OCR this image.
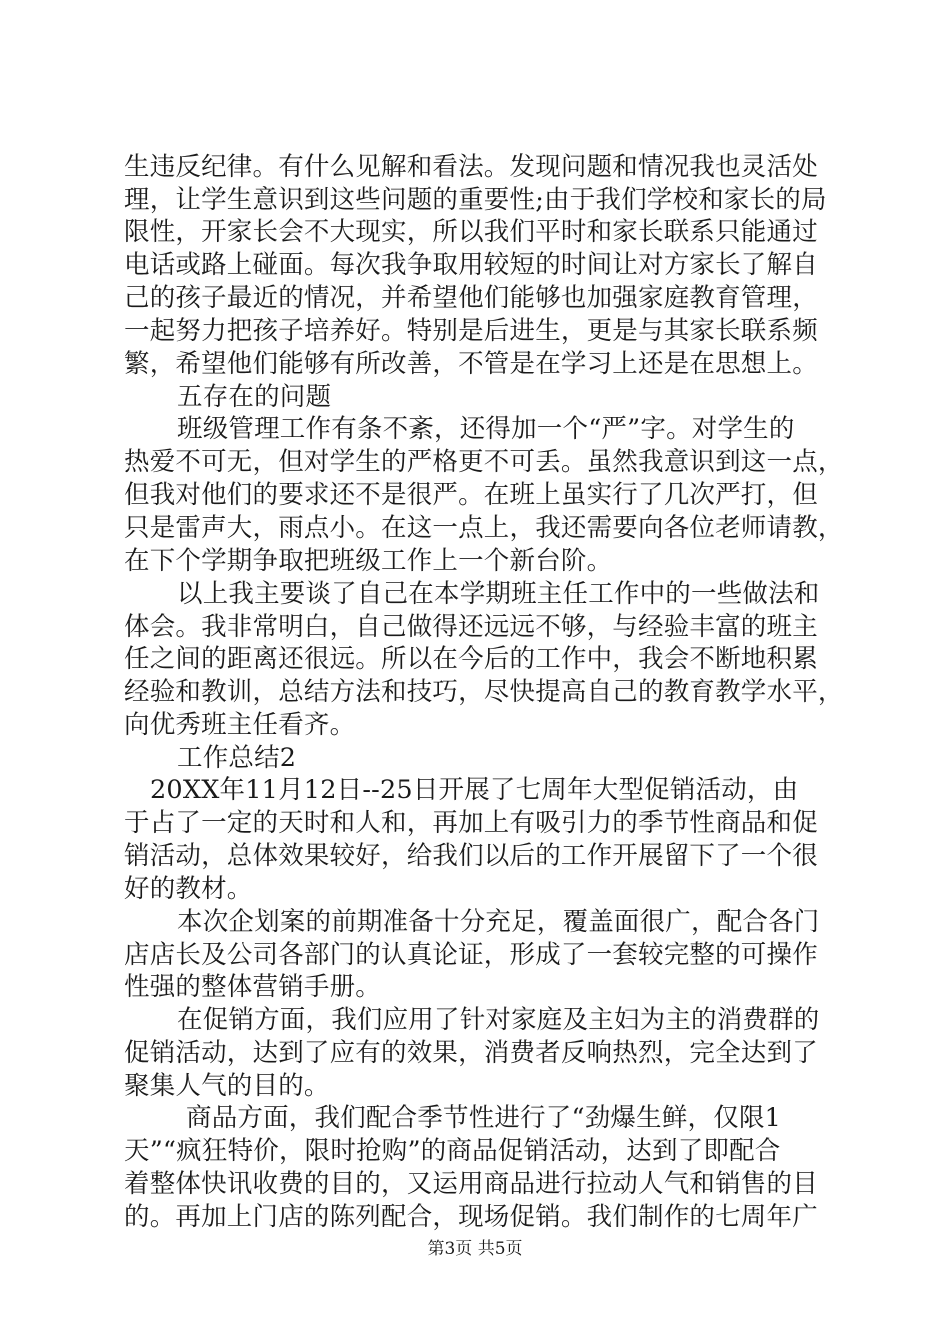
生违反纪律。有什么见解和看法。发现问题和情况我也灵活处
理，让学生意识到这些问题的重要性;由于我们学校和家长的局
限性，开家长会不大现实，所以我们平时和家长联系只能通过
电话或路上碰面。每次我争取用较短的时间让对方家长了解自
己的孩子最近的情况，并希望他们能够也加强家庭教育管理，
一起努力把孩子培养好。特别是后进生，更是与其家长联系频
繁，希望他们能够有所改善，不管是在学习上还是在思想上。
五存在的问题
班级管理工作有条不紊，还得加一个“严”字。对学生的
热爱不可无，但对学生的严格更不可丢。虽然我意识到这一点，
但我对他们的要求还不是很严。在班上虽实行了几次严打，但
只是雷声大，雨点小。在这一点上，我还需要向各位老师请教，
在下个学期争取把班级工作上一个新台阶。
以上我主要谈了自己在本学期班主任工作中的一些做法和
体会。我非常明白，自己做得还远远不够，与经验丰富的班主
任之间的距离还很远。所以在今后的工作中，我会不断地积累
经验和教训，总结方法和技巧，尽快提高自己的教育教学水平，
向优秀班主任看齐。
工作总结2
20XX年11月12日--25日开展了七周年大型促销活动，由
于占了一定的天时和人和，再加上有吸引力的季节性商品和促
销活动，总体效果较好，给我们以后的工作开展留下了一个很
好的教材。
本次企划案的前期准备十分充足，覆盖面很广，配合各门
店店长及公司各部门的认真论证，形成了一套较完整的可操作
性强的整体营销手册。
在促销方面，我们应用了针对家庭及主妇为主的消费群的
促销活动，达到了应有的效果，消费者反响热烈，完全达到了
聚集人气的目的。
商品方面，我们配合季节性进行了“劲爆生鲜，仅限1
天”“疯狂特价，限时抢购”的商品促销活动，达到了即配合
着整体快讯收费的目的，又运用商品进行拉动人气和销售的目
的。再加上门店的陈列配合，现场促销。我们制作的七周年广
第3页 共5页
